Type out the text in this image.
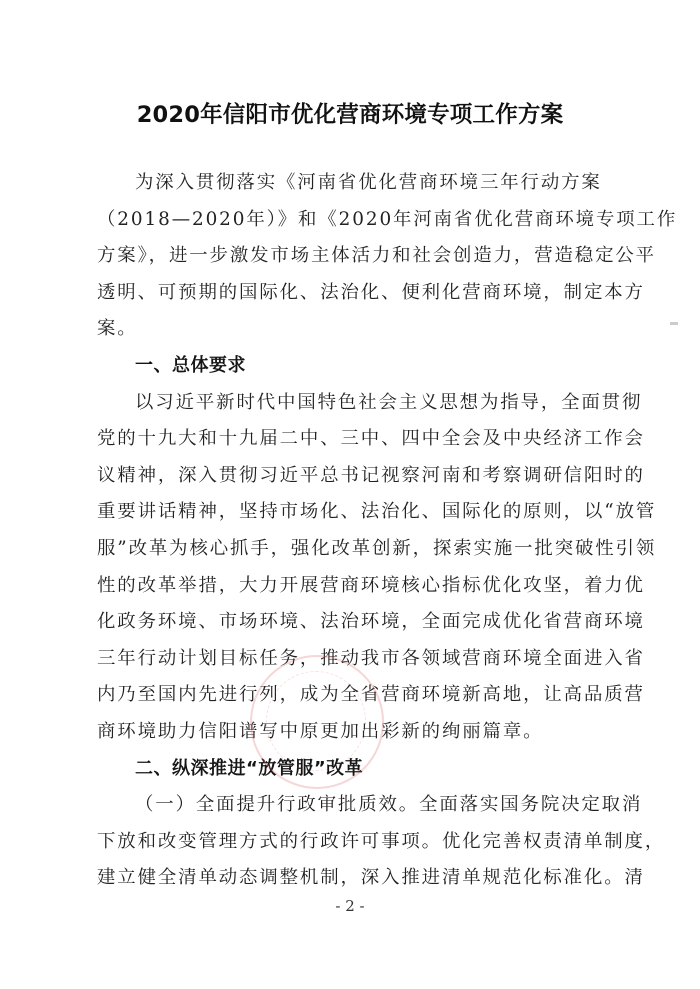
2020年信阳市优化营商环境专项工作方案
为深入贯彻落实《河南省优化营商环境三年行动方案
（2018—2020年）》和《2020年河南省优化营商环境专项工作
方案》，进一步激发市场主体活力和社会创造力，营造稳定公平
透明、可预期的国际化、法治化、便利化营商环境，制定本方
案。
一、总体要求
以习近平新时代中国特色社会主义思想为指导，全面贯彻
党的十九大和十九届二中、三中、四中全会及中央经济工作会
议精神，深入贯彻习近平总书记视察河南和考察调研信阳时的
重要讲话精神，坚持市场化、法治化、国际化的原则，以“放管
服”改革为核心抓手，强化改革创新，探索实施一批突破性引领
性的改革举措，大力开展营商环境核心指标优化攻坚，着力优
化政务环境、市场环境、法治环境，全面完成优化省营商环境
三年行动计划目标任务，推动我市各领域营商环境全面进入省
内乃至国内先进行列，成为全省营商环境新高地，让高品质营
商环境助力信阳谱写中原更加出彩新的绚丽篇章。
二、纵深推进“放管服”改革
（一）全面提升行政审批质效。全面落实国务院决定取消
下放和改变管理方式的行政许可事项。优化完善权责清单制度，
建立健全清单动态调整机制，深入推进清单规范化标准化。清
- 2 -
